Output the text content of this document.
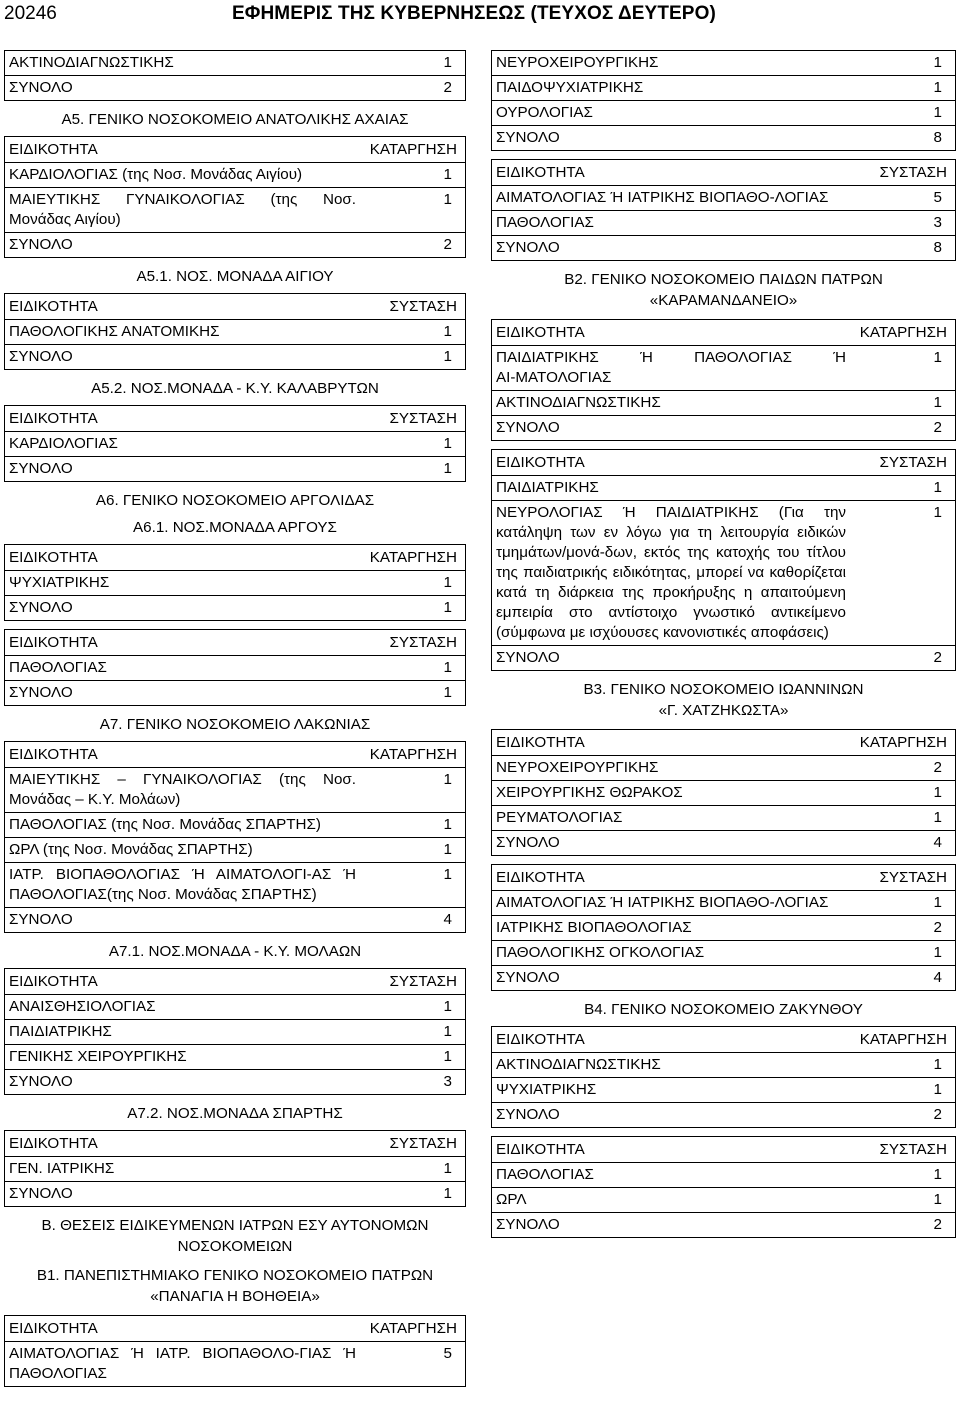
20246	ΕΦΗΜΕΡΙΣ ΤΗΣ ΚΥΒΕΡΝΗΣΕΩΣ (ΤΕΥΧΟΣ ΔΕΥΤΕΡΟ)
ΑΚΤΙΝΟΔΙΑΓΝΩΣΤΙΚΗΣ	1
ΣΥΝΟΛΟ	2
Α5. ΓΕΝΙΚΟ ΝΟΣΟΚΟΜΕΙΟ ΑΝΑΤΟΛΙΚΗΣ ΑΧΑΙΑΣ
ΕΙΔΙΚΟΤΗΤΑ	ΚΑΤΑΡΓΗΣΗ
ΚΑΡΔΙΟΛΟΓΙΑΣ (της Νοσ. Μονάδας Αιγίου)	1
ΜΑΙΕΥΤΙΚΗΣ ΓΥΝΑΙΚΟΛΟΓΙΑΣ (της Νοσ. Μονάδας Αιγίου)
1
ΣΥΝΟΛΟ	2
Α5.1. ΝΟΣ. ΜΟΝΑΔΑ ΑΙΓΙΟΥ
ΕΙΔΙΚΟΤΗΤΑ	ΣΥΣΤΑΣΗ
ΠΑΘΟΛΟΓΙΚΗΣ ΑΝΑΤΟΜΙΚΗΣ	1
ΣΥΝΟΛΟ	1
Α5.2. ΝΟΣ.ΜΟΝΑΔΑ ‑ Κ.Υ. ΚΑΛΑΒΡΥΤΩΝ
ΕΙΔΙΚΟΤΗΤΑ	ΣΥΣΤΑΣΗ
ΚΑΡΔΙΟΛΟΓΙΑΣ	1
ΣΥΝΟΛΟ	1
Α6. ΓΕΝΙΚΟ ΝΟΣΟΚΟΜΕΙΟ ΑΡΓΟΛΙΔΑΣ
Α6.1. ΝΟΣ.ΜΟΝΑΔΑ ΑΡΓΟΥΣ
ΕΙΔΙΚΟΤΗΤΑ	ΚΑΤΑΡΓΗΣΗ
ΨΥΧΙΑΤΡΙΚΗΣ	1
ΣΥΝΟΛΟ	1
ΕΙΔΙΚΟΤΗΤΑ	ΣΥΣΤΑΣΗ
ΠΑΘΟΛΟΓΙΑΣ	1
ΣΥΝΟΛΟ	1
Α7. ΓΕΝΙΚΟ ΝΟΣΟΚΟΜΕΙΟ ΛΑΚΩΝΙΑΣ
ΕΙΔΙΚΟΤΗΤΑ	ΚΑΤΑΡΓΗΣΗ
ΜΑΙΕΥΤΙΚΗΣ – ΓΥΝΑΙΚΟΛΟΓΙΑΣ (της Νοσ. Μονάδας – Κ.Υ. Μολάων)
1
ΠΑΘΟΛΟΓΙΑΣ (της Νοσ. Μονάδας ΣΠΑΡΤΗΣ)	1
ΩΡΛ (της Νοσ. Μονάδας ΣΠΑΡΤΗΣ)	1
ΙΑΤΡ. ΒΙΟΠΑΘΟΛΟΓΙΑΣ Ή ΑΙΜΑΤΟΛΟΓΙ‑ΑΣ Ή ΠΑΘΟΛΟΓΙΑΣ(της Νοσ. Μονάδας ΣΠΑΡΤΗΣ)
1
ΣΥΝΟΛΟ	4
Α7.1. ΝΟΣ.ΜΟΝΑΔΑ ‑ Κ.Υ. ΜΟΛΑΩΝ
ΕΙΔΙΚΟΤΗΤΑ	ΣΥΣΤΑΣΗ
ΑΝΑΙΣΘΗΣΙΟΛΟΓΙΑΣ	1
ΠΑΙΔΙΑΤΡΙΚΗΣ	1
ΓΕΝΙΚΗΣ ΧΕΙΡΟΥΡΓΙΚΗΣ	1
ΣΥΝΟΛΟ	3
Α7.2. ΝΟΣ.ΜΟΝΑΔΑ ΣΠΑΡΤΗΣ
ΕΙΔΙΚΟΤΗΤΑ	ΣΥΣΤΑΣΗ
ΓΕΝ. ΙΑΤΡΙΚΗΣ	1
ΣΥΝΟΛΟ	1
Β. ΘΕΣΕΙΣ ΕΙΔΙΚΕΥΜΕΝΩΝ ΙΑΤΡΩΝ ΕΣΥ ΑΥΤΟΝΟΜΩΝ
ΝΟΣΟΚΟΜΕΙΩΝ
Β1. ΠΑΝΕΠΙΣΤΗΜΙΑΚΟ ΓΕΝΙΚΟ ΝΟΣΟΚΟΜΕΙΟ ΠΑΤΡΩΝ
«ΠΑΝΑΓΙΑ Η ΒΟΗΘΕΙΑ»
ΕΙΔΙΚΟΤΗΤΑ	ΚΑΤΑΡΓΗΣΗ
ΑΙΜΑΤΟΛΟΓΙΑΣ Ή ΙΑΤΡ. ΒΙΟΠΑΘΟΛΟ‑ΓΙΑΣ Ή ΠΑΘΟΛΟΓΙΑΣ
5
ΝΕΥΡΟΧΕΙΡΟΥΡΓΙΚΗΣ	1
ΠΑΙΔΟΨΥΧΙΑΤΡΙΚΗΣ	1
ΟΥΡΟΛΟΓΙΑΣ	1
ΣΥΝΟΛΟ	8
ΕΙΔΙΚΟΤΗΤΑ	ΣΥΣΤΑΣΗ
ΑΙΜΑΤΟΛΟΓΙΑΣ Ή ΙΑΤΡΙΚΗΣ ΒΙΟΠΑΘΟ‑ΛΟΓΙΑΣ	5
ΠΑΘΟΛΟΓΙΑΣ	3
ΣΥΝΟΛΟ	8
Β2. ΓΕΝΙΚΟ ΝΟΣΟΚΟΜΕΙΟ ΠΑΙΔΩΝ ΠΑΤΡΩΝ
«ΚΑΡΑΜΑΝΔΑΝΕΙΟ»
ΕΙΔΙΚΟΤΗΤΑ	ΚΑΤΑΡΓΗΣΗ
ΠΑΙΔΙΑΤΡΙΚΗΣ Ή ΠΑΘΟΛΟΓΙΑΣ Ή ΑΙ‑ΜΑΤΟΛΟΓΙΑΣ
1
ΑΚΤΙΝΟΔΙΑΓΝΩΣΤΙΚΗΣ	1
ΣΥΝΟΛΟ	2
ΕΙΔΙΚΟΤΗΤΑ	ΣΥΣΤΑΣΗ
ΠΑΙΔΙΑΤΡΙΚΗΣ	1
ΝΕΥΡΟΛΟΓΙΑΣ Ή ΠΑΙΔΙΑΤΡΙΚΗΣ (Για την κατάληψη των εν λόγω για τη λειτουργία ειδικών τμημάτων/μονά‑δων, εκτός της κατοχής του τίτλου της παιδιατρικής ειδικότητας, μπορεί να καθορίζεται κατά τη διάρκεια της προκήρυξης η απαιτούμενη εμπειρία στο αντίστοιχο γνωστικό αντικείμενο (σύμφωνα με ισχύουσες κανονιστικές αποφάσεις)
1
ΣΥΝΟΛΟ	2
Β3. ΓΕΝΙΚΟ ΝΟΣΟΚΟΜΕΙΟ ΙΩΑΝΝΙΝΩΝ
«Γ. ΧΑΤΖΗΚΩΣΤΑ»
ΕΙΔΙΚΟΤΗΤΑ	ΚΑΤΑΡΓΗΣΗ
ΝΕΥΡΟΧΕΙΡΟΥΡΓΙΚΗΣ	2
ΧΕΙΡΟΥΡΓΙΚΗΣ ΘΩΡΑΚΟΣ	1
ΡΕΥΜΑΤΟΛΟΓΙΑΣ	1
ΣΥΝΟΛΟ	4
ΕΙΔΙΚΟΤΗΤΑ	ΣΥΣΤΑΣΗ
ΑΙΜΑΤΟΛΟΓΙΑΣ Ή ΙΑΤΡΙΚΗΣ ΒΙΟΠΑΘΟ‑ΛΟΓΙΑΣ	1
ΙΑΤΡΙΚΗΣ ΒΙΟΠΑΘΟΛΟΓΙΑΣ	2
ΠΑΘΟΛΟΓΙΚΗΣ ΟΓΚΟΛΟΓΙΑΣ	1
ΣΥΝΟΛΟ	4
Β4. ΓΕΝΙΚΟ ΝΟΣΟΚΟΜΕΙΟ ΖΑΚΥΝΘΟΥ
ΕΙΔΙΚΟΤΗΤΑ	ΚΑΤΑΡΓΗΣΗ
ΑΚΤΙΝΟΔΙΑΓΝΩΣΤΙΚΗΣ	1
ΨΥΧΙΑΤΡΙΚΗΣ	1
ΣΥΝΟΛΟ	2
ΕΙΔΙΚΟΤΗΤΑ	ΣΥΣΤΑΣΗ
ΠΑΘΟΛΟΓΙΑΣ	1
ΩΡΛ	1
ΣΥΝΟΛΟ	2
